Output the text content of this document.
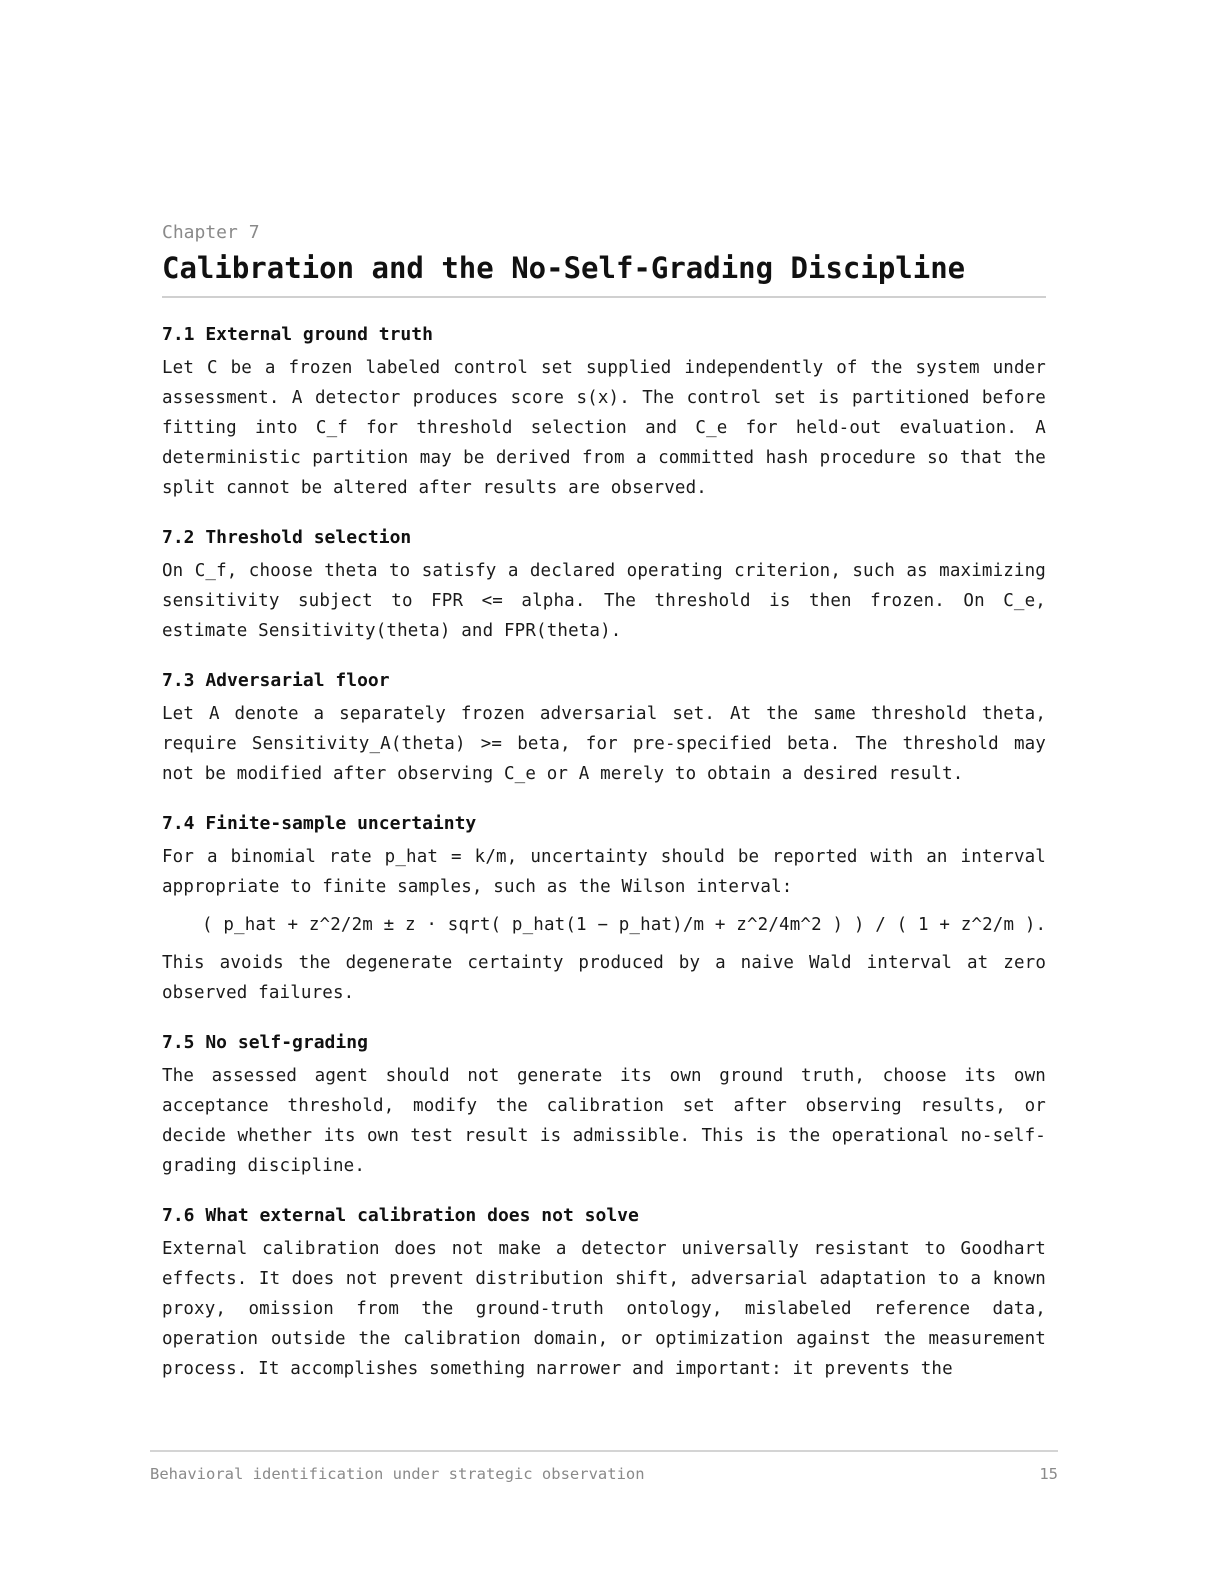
Chapter 7

Calibration and the No-Self-Grading Discipline
7.1 External ground truth

Let C be a frozen labeled control set supplied independently of the system under assessment. A detector produces score s(x). The control set is partitioned before fitting into C_f for threshold selection and C_e for held-out evaluation. A deterministic partition may be derived from a committed hash procedure so that the split cannot be altered after results are observed.

7.2 Threshold selection

On C_f, choose theta to satisfy a declared operating criterion, such as maximizing sensitivity subject to FPR <= alpha. The threshold is then frozen. On C_e, estimate Sensitivity(theta) and FPR(theta).

7.3 Adversarial floor

Let A denote a separately frozen adversarial set. At the same threshold theta, require Sensitivity_A(theta) >= beta, for pre-specified beta. The threshold may not be modified after observing C_e or A merely to obtain a desired result.

7.4 Finite-sample uncertainty

For a binomial rate p_hat = k/m, uncertainty should be reported with an interval appropriate to finite samples, such as the Wilson interval:

( p_hat + z^2/2m ± z · sqrt( p_hat(1 − p_hat)/m + z^2/4m^2 ) ) / ( 1 + z^2/m ).

This avoids the degenerate certainty produced by a naive Wald interval at zero observed failures.

7.5 No self-grading

The assessed agent should not generate its own ground truth, choose its own acceptance threshold, modify the calibration set after observing results, or decide whether its own test result is admissible. This is the operational no-self-grading discipline.

7.6 What external calibration does not solve

External calibration does not make a detector universally resistant to Goodhart effects. It does not prevent distribution shift, adversarial adaptation to a known proxy, omission from the ground-truth ontology, mislabeled reference data, operation outside the calibration domain, or optimization against the measurement process. It accomplishes something narrower and important: it prevents the

Behavioral identification under strategic observation	15
